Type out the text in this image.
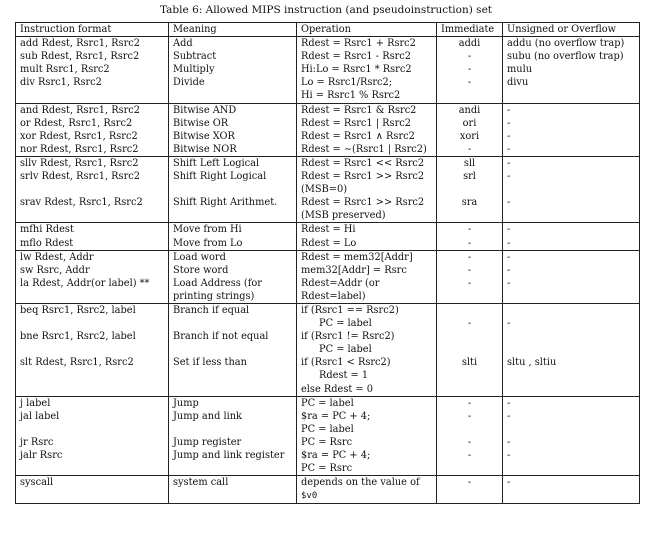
Table 6: Allowed MIPS instruction (and pseudoinstruction) set
Instruction format	Meaning	Operation	Immediate	Unsigned or Overflow
add Rdest, Rsrc1, Rsrc2	Add	Rdest = Rsrc1 + Rsrc2	addi	addu (no overflow trap)
sub Rdest, Rsrc1, Rsrc2	Subtract	Rdest = Rsrc1 - Rsrc2	-	subu (no overflow trap)
mult Rsrc1, Rsrc2	Multiply	Hi:Lo = Rsrc1 * Rsrc2	-	mulu
div Rsrc1, Rsrc2	Divide	Lo = Rsrc1/Rsrc2;	-	divu
		Hi = Rsrc1 % Rsrc2		
and Rdest, Rsrc1, Rsrc2	Bitwise AND	Rdest = Rsrc1 & Rsrc2	andi	-
or Rdest, Rsrc1, Rsrc2	Bitwise OR	Rdest = Rsrc1 | Rsrc2	ori	-
xor Rdest, Rsrc1, Rsrc2	Bitwise XOR	Rdest = Rsrc1 ∧ Rsrc2	xori	-
nor Rdest, Rsrc1, Rsrc2	Bitwise NOR	Rdest = ∼(Rsrc1 | Rsrc2)	-	-
sllv Rdest, Rsrc1, Rsrc2	Shift Left Logical	Rdest = Rsrc1 << Rsrc2	sll	-
srlv Rdest, Rsrc1, Rsrc2	Shift Right Logical	Rdest = Rsrc1 >> Rsrc2	srl	-
		(MSB=0)		
srav Rdest, Rsrc1, Rsrc2	Shift Right Arithmet.	Rdest = Rsrc1 >> Rsrc2	sra	-
		(MSB preserved)		
mfhi Rdest	Move from Hi	Rdest = Hi	-	-
mflo Rdest	Move from Lo	Rdest = Lo	-	-
lw Rdest, Addr	Load word	Rdest = mem32[Addr]	-	-
sw Rsrc, Addr	Store word	mem32[Addr] = Rsrc	-	-
la Rdest, Addr(or label) **	Load Address (for	Rdest=Addr (or	-	-
	printing strings)	Rdest=label)		
beq Rsrc1, Rsrc2, label	Branch if equal	if (Rsrc1 == Rsrc2)		
		PC = label	-	-
bne Rsrc1, Rsrc2, label	Branch if not equal	if (Rsrc1 != Rsrc2)		
		PC = label		
slt Rdest, Rsrc1, Rsrc2	Set if less than	if (Rsrc1 < Rsrc2)	slti	sltu , sltiu
		Rdest = 1		
		else Rdest = 0		
j label	Jump	PC = label	-	-
jal label	Jump and link	$ra = PC + 4;	-	-
		PC = label		
jr Rsrc	Jump register	PC = Rsrc	-	-
jalr Rsrc	Jump and link register	$ra = PC + 4;	-	-
		PC = Rsrc		
syscall	system call	depends on the value of	-	-
		$v0		
